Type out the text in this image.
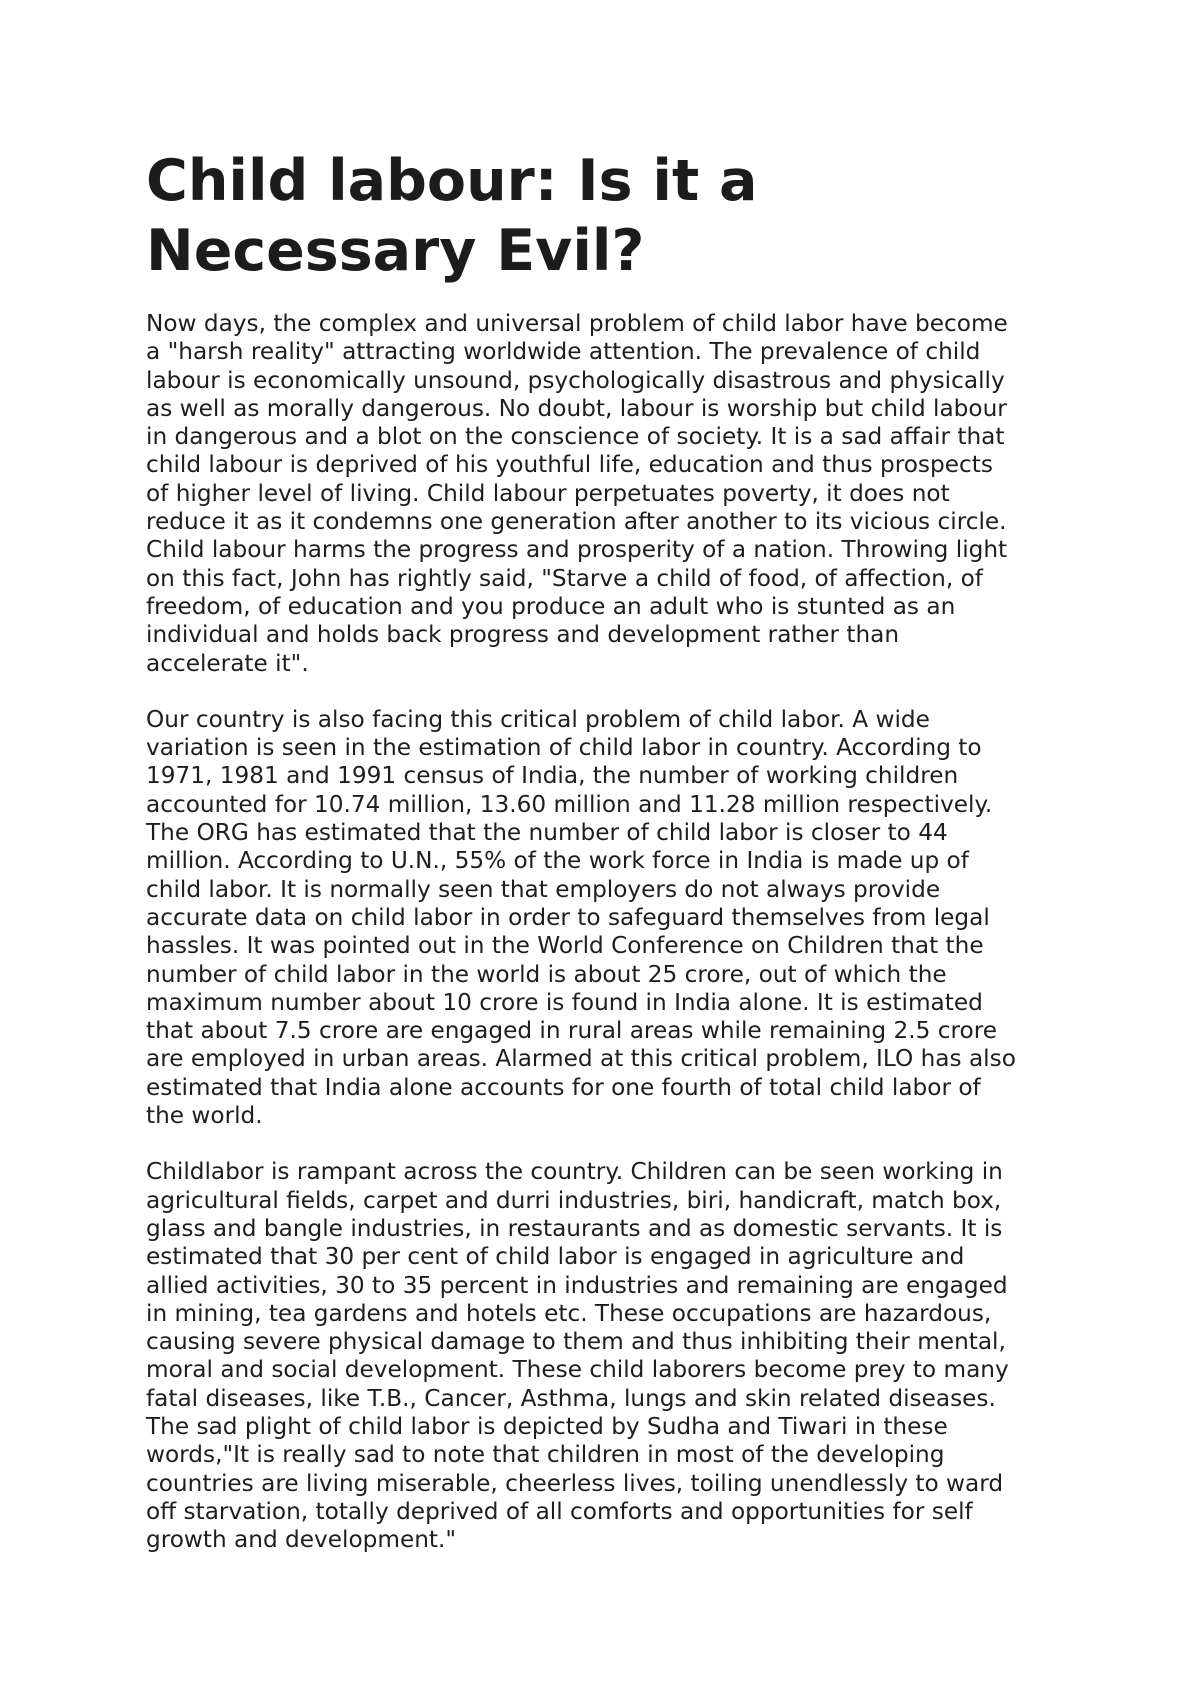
Child labour: Is it a
Necessary Evil?

Now days, the complex and universal problem of child labor have become
a "harsh reality" attracting worldwide attention. The prevalence of child
labour is economically unsound, psychologically disastrous and physically
as well as morally dangerous. No doubt, labour is worship but child labour
in dangerous and a blot on the conscience of society. It is a sad affair that
child labour is deprived of his youthful life, education and thus prospects
of higher level of living. Child labour perpetuates poverty, it does not
reduce it as it condemns one generation after another to its vicious circle.
Child labour harms the progress and prosperity of a nation. Throwing light
on this fact, John has rightly said, "Starve a child of food, of affection, of
freedom, of education and you produce an adult who is stunted as an
individual and holds back progress and development rather than
accelerate it".

Our country is also facing this critical problem of child labor. A wide
variation is seen in the estimation of child labor in country. According to
1971, 1981 and 1991 census of India, the number of working children
accounted for 10.74 million, 13.60 million and 11.28 million respectively.
The ORG has estimated that the number of child labor is closer to 44
million. According to U.N., 55% of the work force in India is made up of
child labor. It is normally seen that employers do not always provide
accurate data on child labor in order to safeguard themselves from legal
hassles. It was pointed out in the World Conference on Children that the
number of child labor in the world is about 25 crore, out of which the
maximum number about 10 crore is found in India alone. It is estimated
that about 7.5 crore are engaged in rural areas while remaining 2.5 crore
are employed in urban areas. Alarmed at this critical problem, ILO has also
estimated that India alone accounts for one fourth of total child labor of
the world.

Childlabor is rampant across the country. Children can be seen working in
agricultural fields, carpet and durri industries, biri, handicraft, match box,
glass and bangle industries, in restaurants and as domestic servants. It is
estimated that 30 per cent of child labor is engaged in agriculture and
allied activities, 30 to 35 percent in industries and remaining are engaged
in mining, tea gardens and hotels etc. These occupations are hazardous,
causing severe physical damage to them and thus inhibiting their mental,
moral and social development. These child laborers become prey to many
fatal diseases, like T.B., Cancer, Asthma, lungs and skin related diseases.
The sad plight of child labor is depicted by Sudha and Tiwari in these
words,"It is really sad to note that children in most of the developing
countries are living miserable, cheerless lives, toiling unendlessly to ward
off starvation, totally deprived of all comforts and opportunities for self
growth and development."
